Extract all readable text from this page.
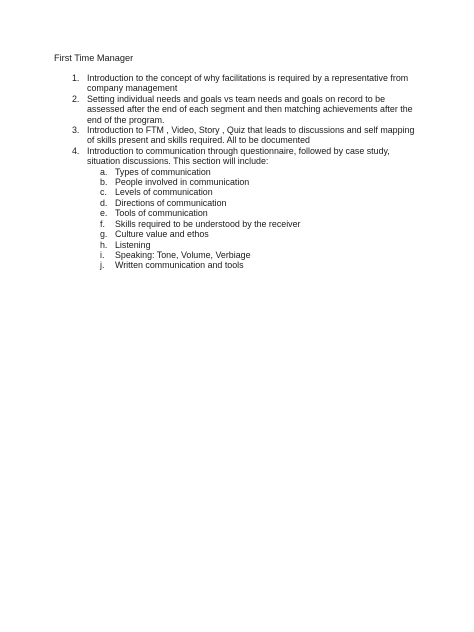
First Time Manager
1. Introduction to the concept of why facilitations is required by a representative from
company management
2. Setting individual needs and goals vs team needs and goals on record to be
assessed after the end of each segment and then matching achievements after the
end of the program.
3. Introduction to FTM , Video, Story , Quiz that leads to discussions and self mapping
of skills present and skills required. All to be documented
4. Introduction to communication through questionnaire, followed by case study,
situation discussions. This section will include:
a. Types of communication
b. People involved in communication
c. Levels of communication
d. Directions of communication
e. Tools of communication
f. Skills required to be understood by the receiver
g. Culture value and ethos
h. Listening
i. Speaking: Tone, Volume, Verbiage
j. Written communication and tools
